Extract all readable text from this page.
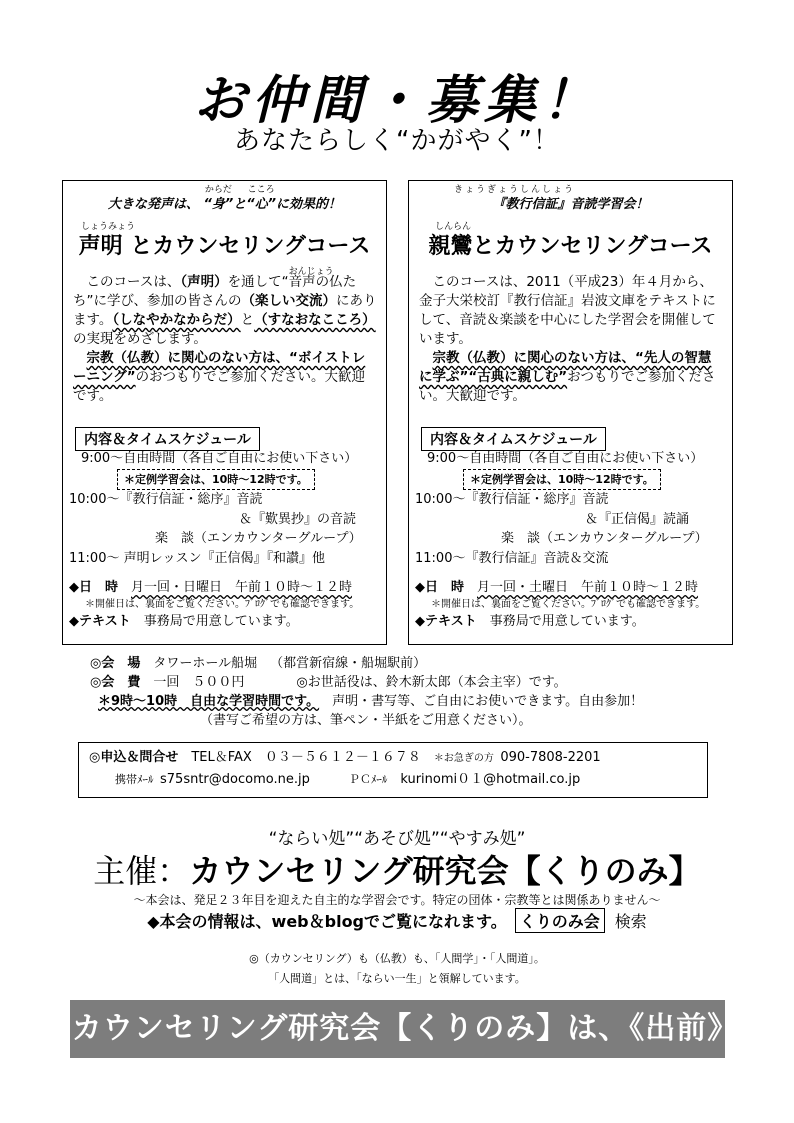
お仲間・募集！
あなたらしく“かがやく”！
大きな発声は、
からだ
“身”と
こころ
“心”に効果的！
しょうみょう
声明 とカウンセリングコース
 このコースは、（声明）を通して“
おんじょう
音声の仏たち”に学び、参加の皆さんの（楽しい交流）にあります。（しなやかなからだ）と（すなおなこころ）の実現をめざします。
 宗教（仏教）に関心のない方は、“ボイストレーニング”のおつもりでご参加ください。大歓迎です。
内容＆タイムスケジュール
9:00～自由時間（各自ご自由にお使い下さい）
＊定例学習会は、10時～12時です。
10:00～『教行信証・総序』音読
＆『歎異抄』の音読
楽　談（エンカウンターグループ）
11:00～ 声明レッスン『正信偈』『和讃』他
◆日　時  月一回・日曜日　午前１０時～１２時
＊開催日は、裏面をご覧ください。ﾌﾞﾛｸﾞでも確認できます。
◆テキスト  事務局で用意しています。
きょうぎょうしんしょう
『教行信証』音読学習会！
しんらん
親鸞とカウンセリングコース
 このコースは、2011（平成23）年４月から、金子大栄校訂『教行信証』岩波文庫をテキストにして、音読＆楽談を中心にした学習会を開催しています。
 宗教（仏教）に関心のない方は、“先人の智慧に学ぶ”“古典に親しむ”おつもりでご参加ください。大歓迎です。
内容＆タイムスケジュール
9:00～自由時間（各自ご自由にお使い下さい）
＊定例学習会は、10時～12時です。
10:00～『教行信証・総序』音読
＆『正信偈』読誦
楽　談（エンカウンターグループ）
11:00～『教行信証』音読＆交流
◆日　時  月一回・土曜日　午前１０時～１２時
＊開催日は、裏面をご覧ください。ﾌﾞﾛｸﾞでも確認できます。
◆テキスト  事務局で用意しています。
◎会　場  タワーホール船堀  （都営新宿線・船堀駅前）
◎会　費  一回　５００円    	◎お世話役は、鈴木新太郎（本会主宰）です。
＊9時～10時　自由な学習時間です。  声明・書写等、ご自由にお使いできます。自由参加！
（書写ご希望の方は、筆ペン・半紙をご用意ください）。
◎申込＆問合せ  TEL＆FAX　０３－５６１２－１６７８  ＊お急ぎの方  090-7808-2201
携帯ﾒｰﾙ  s75sntr@docomo.ne.jp   	ＰＣﾒｰﾙ  kurinomi０１@hotmail.co.jp
“ならい処”“あそび処”“やすみ処”
主催：カウンセリング研究会【くりのみ】
～本会は、発足２３年目を迎えた自主的な学習会です。特定の団体・宗教等とは関係ありません～
◆本会の情報は、web＆blogでご覧になれます。  くりのみ会 検索
◎（カウンセリング）も（仏教）も、「人間学」・「人間道」。
「人間道」とは、「ならい一生」と領解しています。
カウンセリング研究会【くりのみ】は、《出前》もできます。ご連絡ください！
